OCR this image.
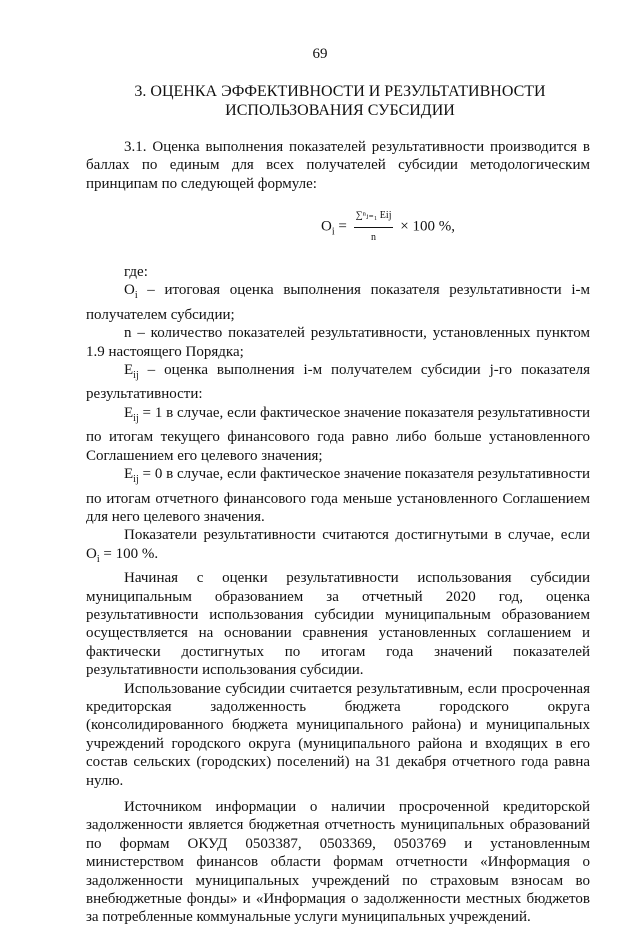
69
3. ОЦЕНКА ЭФФЕКТИВНОСТИ И РЕЗУЛЬТАТИВНОСТИ
ИСПОЛЬЗОВАНИЯ СУБСИДИИ

3.1. Оценка выполнения показателей результативности производится в баллах по единым для всех получателей субсидии методологическим принципам по следующей формуле:

$O_i = \frac{\text{∑ⁿⱼ₌₁ Eij}}{n} \times 100$ %,

где:

$O_i$ – итоговая оценка выполнения показателя результативности i-м получателем субсидии;

n – количество показателей результативности, установленных пунктом 1.9 настоящего Порядка;

$E_{ij}$ – оценка выполнения i-м получателем субсидии j-го показателя результативности:

$E_{ij} = 1$ в случае, если фактическое значение показателя результативности по итогам текущего финансового года равно либо больше установленного Соглашением его целевого значения;

$E_{ij} = 0$ в случае, если фактическое значение показателя результативности по итогам отчетного финансового года меньше установленного Соглашением для него целевого значения.

Показатели результативности считаются достигнутыми в случае, если $O_i = 100$ %.

Начиная с оценки результативности использования субсидии муниципальным образованием за отчетный 2020 год, оценка результативности использования субсидии муниципальным образованием осуществляется на основании сравнения установленных соглашением и фактически достигнутых по итогам года значений показателей результативности использования субсидии.

Использование субсидии считается результативным, если просроченная кредиторская задолженность бюджета городского округа (консолидированного бюджета муниципального района) и муниципальных учреждений городского округа (муниципального района и входящих в его состав сельских (городских) поселений) на 31 декабря отчетного года равна нулю.

Источником информации о наличии просроченной кредиторской задолженности является бюджетная отчетность муниципальных образований по формам ОКУД 0503387, 0503369, 0503769 и установленным министерством финансов области формам отчетности «Информация о задолженности муниципальных учреждений по страховым взносам во внебюджетные фонды» и «Информация о задолженности местных бюджетов за потребленные коммунальные услуги муниципальных учреждений.
